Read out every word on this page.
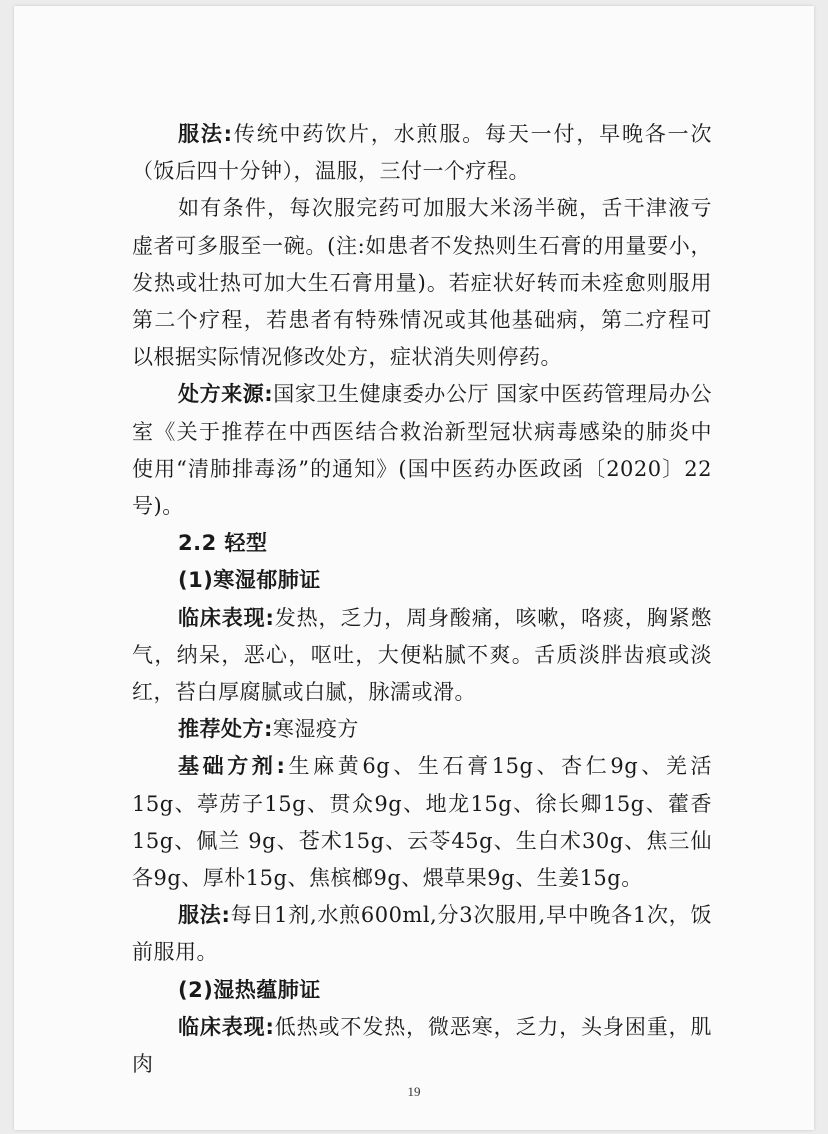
服法:传统中药饮片，水煎服。每天一付，早晚各一次（饭后四十分钟），温服，三付一个疗程。

如有条件，每次服完药可加服大米汤半碗，舌干津液亏虚者可多服至一碗。(注:如患者不发热则生石膏的用量要小，发热或壮热可加大生石膏用量)。若症状好转而未痊愈则服用第二个疗程，若患者有特殊情况或其他基础病，第二疗程可以根据实际情况修改处方，症状消失则停药。

处方来源:国家卫生健康委办公厅 国家中医药管理局办公室《关于推荐在中西医结合救治新型冠状病毒感染的肺炎中使用“清肺排毒汤”的通知》(国中医药办医政函〔2020〕22号)。

2.2 轻型

(1)寒湿郁肺证

临床表现:发热，乏力，周身酸痛，咳嗽，咯痰，胸紧憋气，纳呆，恶心，呕吐，大便粘腻不爽。舌质淡胖齿痕或淡红，苔白厚腐腻或白腻，脉濡或滑。

推荐处方:寒湿疫方

基础方剂:生麻黄6g、生石膏15g、杏仁9g、羌活15g、葶苈子15g、贯众9g、地龙15g、徐长卿15g、藿香15g、佩兰 9g、苍术15g、云苓45g、生白术30g、焦三仙各9g、厚朴15g、焦槟榔9g、煨草果9g、生姜15g。

服法:每日1剂,水煎600ml,分3次服用,早中晚各1次，饭前服用。

(2)湿热蕴肺证

临床表现:低热或不发热，微恶寒，乏力，头身困重，肌肉

19
